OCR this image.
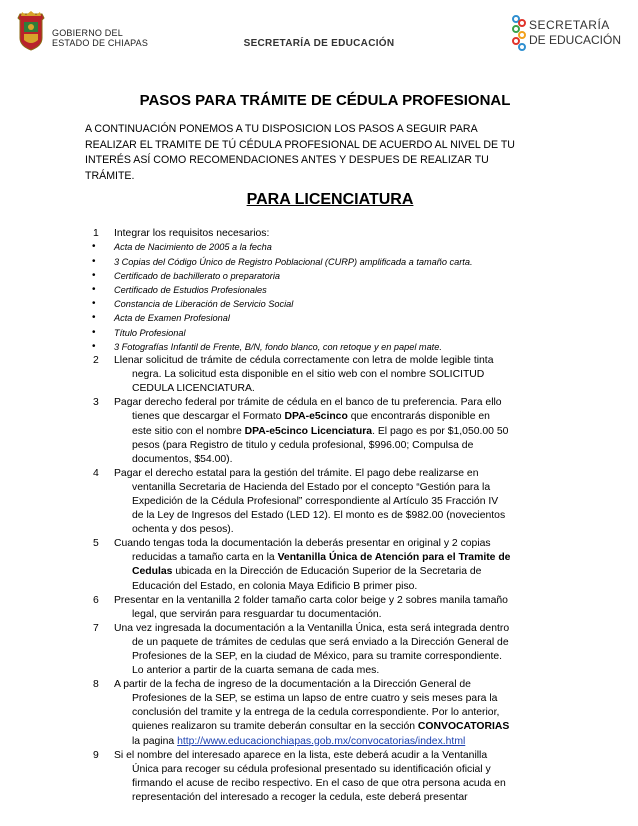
GOBIERNO DEL
ESTADO DE CHIAPAS	SECRETARÍA DE EDUCACIÓN
SECRETARÍA
DE EDUCACIÓN
PASOS PARA TRÁMITE DE CÉDULA PROFESIONAL

A CONTINUACIÓN PONEMOS A TU DISPOSICION LOS PASOS A SEGUIR PARA

REALIZAR EL TRAMITE DE TÚ CÉDULA PROFESIONAL DE ACUERDO AL NIVEL DE TU

INTERÉS ASÍ COMO RECOMENDACIONES ANTES Y DESPUES DE REALIZAR TU

TRÁMITE.

PARA LICENCIATURA
1 Integrar los requisitos necesarios:
• Acta de Nacimiento de 2005 a la fecha
• 3 Copias del Código Único de Registro Poblacional (CURP) amplificada a tamaño carta.
• Certificado de bachillerato o preparatoria
• Certificado de Estudios Profesionales
• Constancia de Liberación de Servicio Social
• Acta de Examen Profesional
• Título Profesional
• 3 Fotografías Infantil de Frente, B/N, fondo blanco, con retoque y en papel mate.
2 Llenar solicitud de trámite de cédula correctamente con letra de molde legible tinta

negra. La solicitud esta disponible en el sitio web con el nombre SOLICITUD

CEDULA LICENCIATURA.

3 Pagar derecho federal por trámite de cédula en el banco de tu preferencia. Para ello

tienes que descargar el Formato DPA-e5cinco que encontrarás disponible en

este sitio con el nombre DPA-e5cinco Licenciatura. El pago es por $1,050.00 50

pesos (para Registro de titulo y cedula profesional, $996.00; Compulsa de

documentos, $54.00).

4 Pagar el derecho estatal para la gestión del trámite. El pago debe realizarse en

ventanilla Secretaria de Hacienda del Estado por el concepto “Gestión para la

Expedición de la Cédula Profesional” correspondiente al Artículo 35 Fracción IV

de la Ley de Ingresos del Estado (LED 12). El monto es de $982.00 (novecientos

ochenta y dos pesos).

5 Cuando tengas toda la documentación la deberás presentar en original y 2 copias

reducidas a tamaño carta en la Ventanilla Única de Atención para el Tramite de

Cedulas ubicada en la Dirección de Educación Superior de la Secretaria de

Educación del Estado, en colonia Maya Edificio B primer piso.

6 Presentar en la ventanilla 2 folder tamaño carta color beige y 2 sobres manila tamaño

legal, que servirán para resguardar tu documentación.

7 Una vez ingresada la documentación a la Ventanilla Única, esta será integrada dentro

de un paquete de trámites de cedulas que será enviado a la Dirección General de

Profesiones de la SEP, en la ciudad de México, para su tramite correspondiente.

Lo anterior a partir de la cuarta semana de cada mes.

8 A partir de la fecha de ingreso de la documentación a la Dirección General de

Profesiones de la SEP, se estima un lapso de entre cuatro y seis meses para la

conclusión del tramite y la entrega de la cedula correspondiente. Por lo anterior,

quienes realizaron su tramite deberán consultar en la sección CONVOCATORIAS

la pagina http://www.educacionchiapas.gob.mx/convocatorias/index.html

9 Si el nombre del interesado aparece en la lista, este deberá acudir a la Ventanilla

Única para recoger su cédula profesional presentado su identificación oficial y

firmando el acuse de recibo respectivo. En el caso de que otra persona acuda en

representación del interesado a recoger la cedula, este deberá presentar
